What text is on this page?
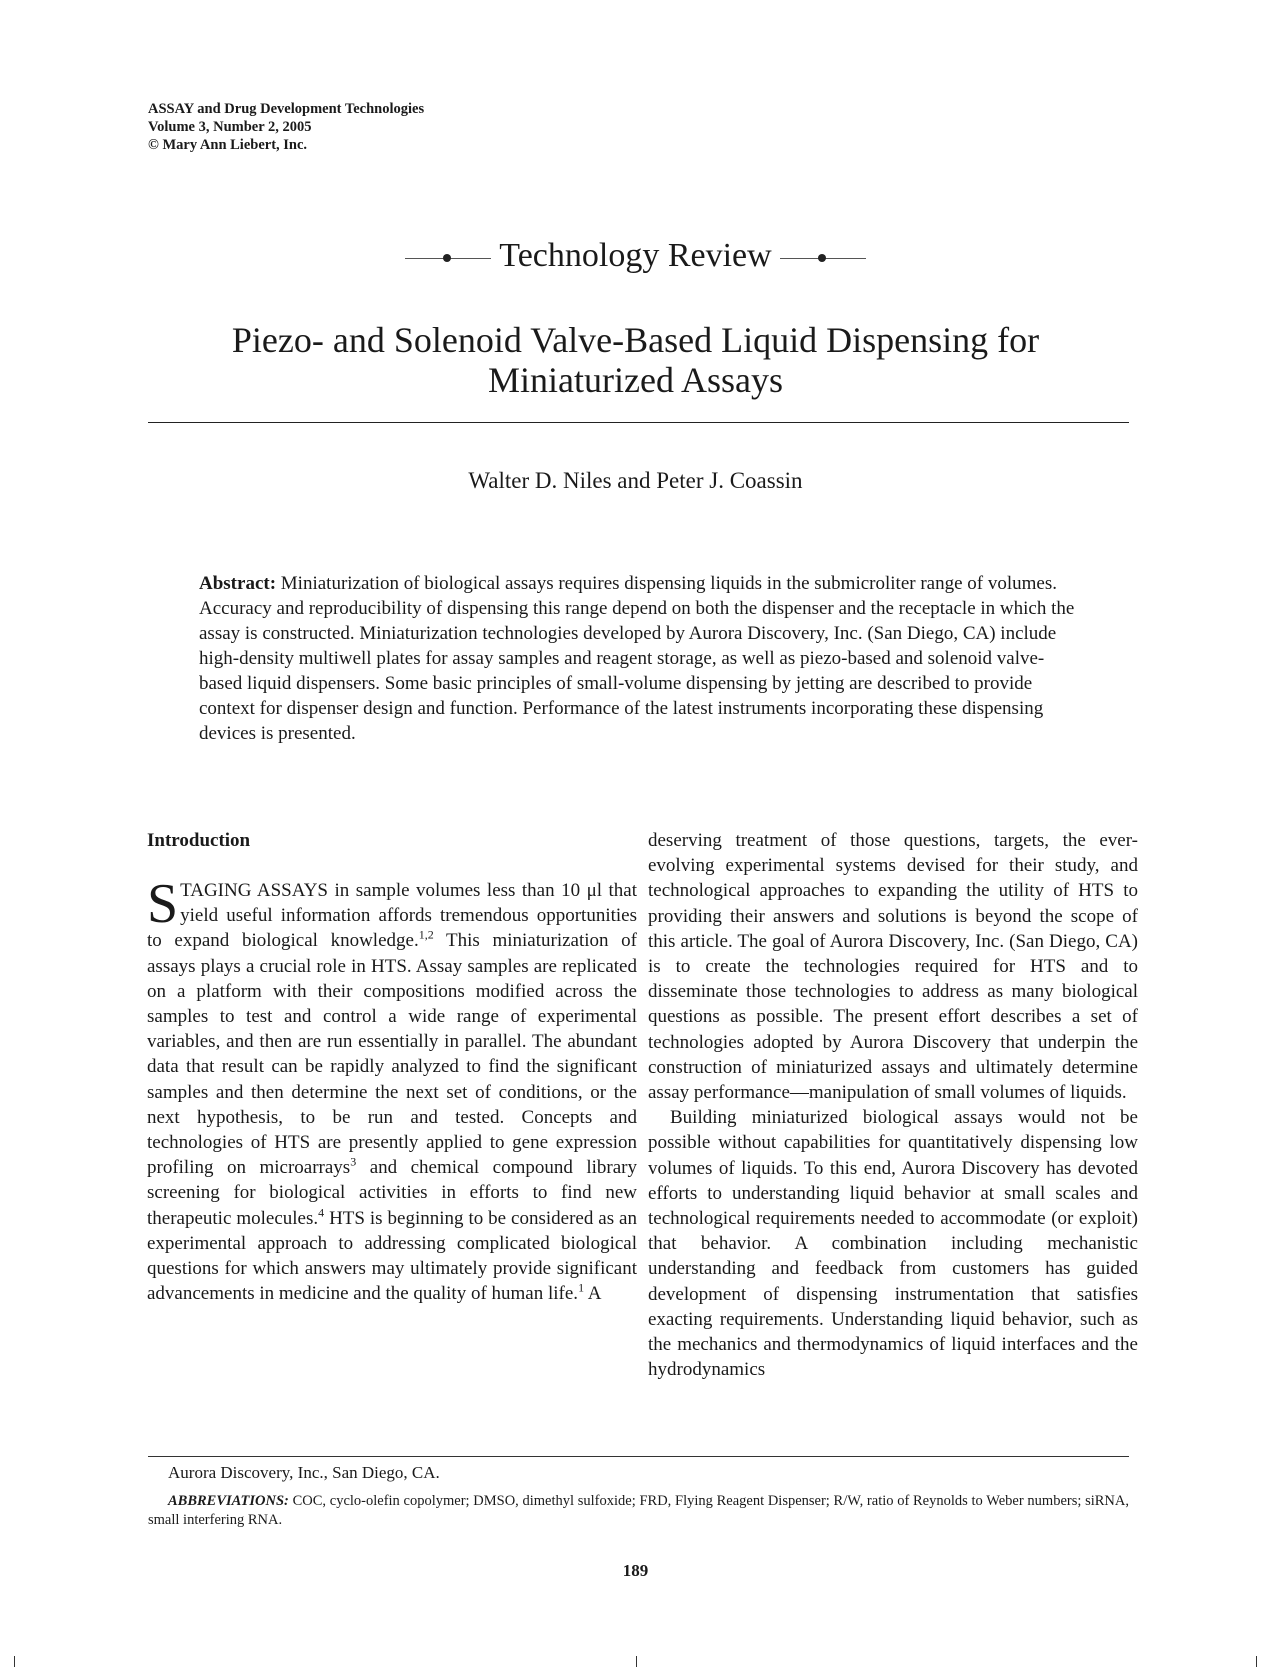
ASSAY and Drug Development Technologies
Volume 3, Number 2, 2005
© Mary Ann Liebert, Inc.
Technology Review
Piezo- and Solenoid Valve-Based Liquid Dispensing for Miniaturized Assays
Walter D. Niles and Peter J. Coassin
Abstract: Miniaturization of biological assays requires dispensing liquids in the submicroliter range of volumes. Accuracy and reproducibility of dispensing this range depend on both the dispenser and the receptacle in which the assay is constructed. Miniaturization technologies developed by Aurora Discovery, Inc. (San Diego, CA) include high-density multiwell plates for assay samples and reagent storage, as well as piezo-based and solenoid valve-based liquid dispensers. Some basic principles of small-volume dispensing by jetting are described to provide context for dispenser design and function. Performance of the latest instruments incorporating these dispensing devices is presented.
Introduction

STAGING ASSAYS in sample volumes less than 10 μl that yield useful information affords tremendous opportunities to expand biological knowledge.$^{1,2}$ This miniaturization of assays plays a crucial role in HTS. Assay samples are replicated on a platform with their compositions modified across the samples to test and control a wide range of experimental variables, and then are run essentially in parallel. The abundant data that result can be rapidly analyzed to find the significant samples and then determine the next set of conditions, or the next hypothesis, to be run and tested. Concepts and technologies of HTS are presently applied to gene expression profiling on microarrays$^3$ and chemical compound library screening for biological activities in efforts to find new therapeutic molecules.$^4$ HTS is beginning to be considered as an experimental approach to addressing complicated biological questions for which answers may ultimately provide significant advancements in medicine and the quality of human life.$^1$ A

deserving treatment of those questions, targets, the ever-evolving experimental systems devised for their study, and technological approaches to expanding the utility of HTS to providing their answers and solutions is beyond the scope of this article. The goal of Aurora Discovery, Inc. (San Diego, CA) is to create the technologies required for HTS and to disseminate those technologies to address as many biological questions as possible. The present effort describes a set of technologies adopted by Aurora Discovery that underpin the construction of miniaturized assays and ultimately determine assay performance—manipulation of small volumes of liquids.

Building miniaturized biological assays would not be possible without capabilities for quantitatively dispensing low volumes of liquids. To this end, Aurora Discovery has devoted efforts to understanding liquid behavior at small scales and technological requirements needed to accommodate (or exploit) that behavior. A combination including mechanistic understanding and feedback from customers has guided development of dispensing instrumentation that satisfies exacting requirements. Understanding liquid behavior, such as the mechanics and thermodynamics of liquid interfaces and the hydrodynamics

Aurora Discovery, Inc., San Diego, CA.
ABBREVIATIONS: COC, cyclo-olefin copolymer; DMSO, dimethyl sulfoxide; FRD, Flying Reagent Dispenser; R/W, ratio of Reynolds to Weber numbers; siRNA, small interfering RNA.
189
